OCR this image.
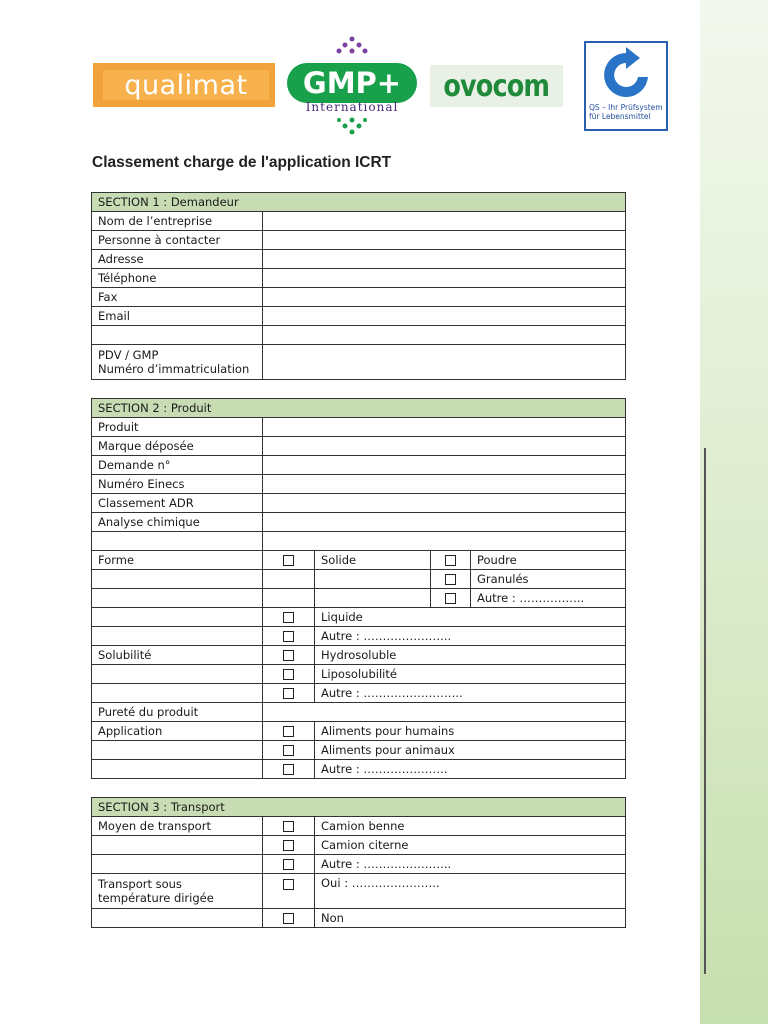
qualimat GMP+
International
ovocom
QS – Ihr Prüfsystem für Lebensmittel
Classement charge de l'application ICRT
SECTION 1 : Demandeur	
Nom de l’entreprise	
Personne à contacter	
Adresse	
Téléphone	
Fax	
Email	

PDV / GMP
Numéro d’immatriculation	
SECTION 2 : Produit				
Produit				
Marque déposée				
Demande n°				
Numéro Einecs				
Classement ADR				
Analyse chimique				

Forme		Solide		Poudre
				Granulés
				Autre : ……………..
		Liquide		
		Autre : …………………..		
Solubilité		Hydrosoluble		
		Liposolubilité		
		Autre : ……………………..		
Pureté du produit				
Application		Aliments pour humains		
		Aliments pour animaux		
		Autre : ………………….		
SECTION 3 : Transport		
Moyen de transport		Camion benne
		Camion citerne
		Autre : …………………..
Transport sous
température dirigée		Oui : …………………..
		Non
